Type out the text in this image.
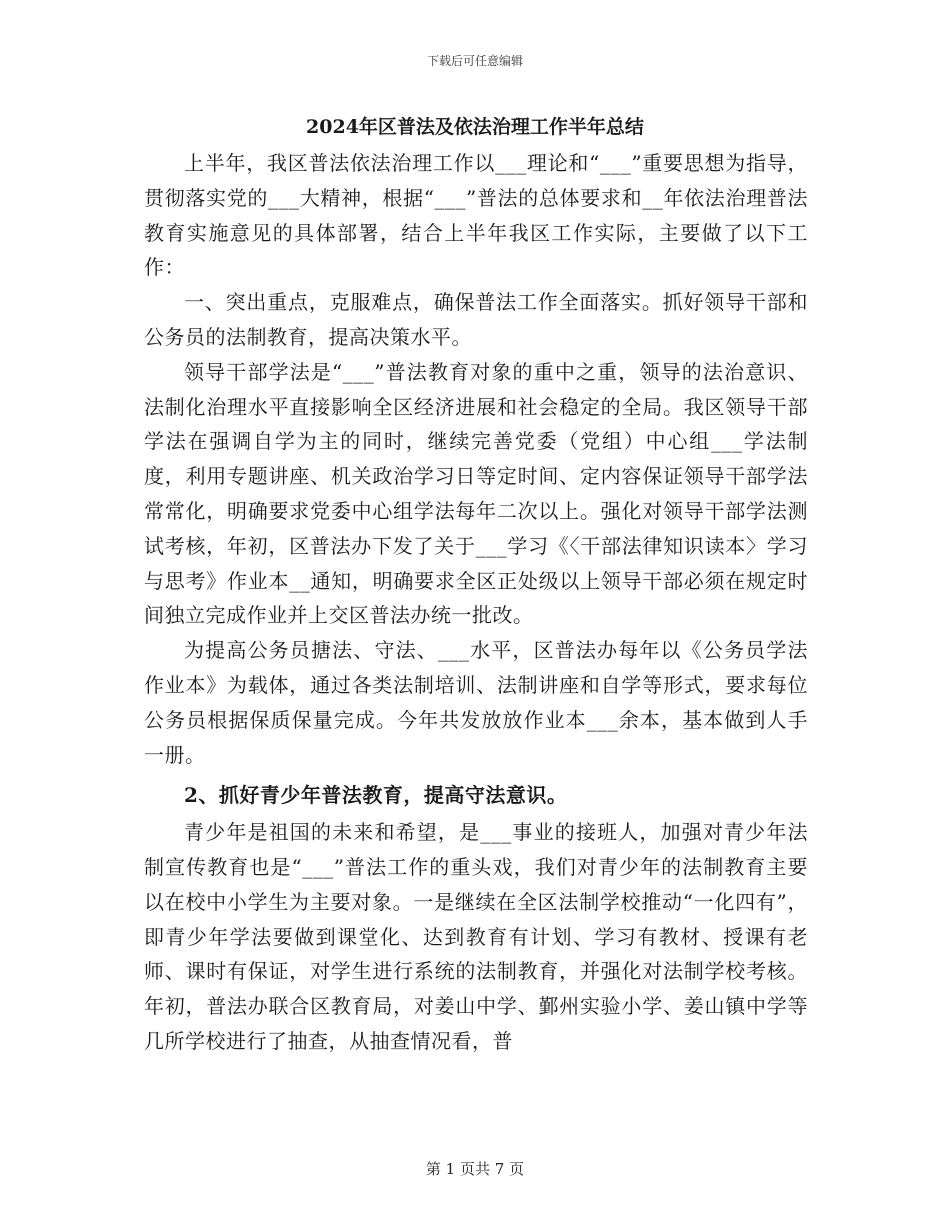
下载后可任意编辑
2024年区普法及依法治理工作半年总结

上半年，我区普法依法治理工作以___理论和“___”重要思想为指导，贯彻落实党的___大精神，根据“___”普法的总体要求和__年依法治理普法教育实施意见的具体部署，结合上半年我区工作实际，主要做了以下工作：

一、突出重点，克服难点，确保普法工作全面落实。抓好领导干部和公务员的法制教育，提高决策水平。

领导干部学法是“___”普法教育对象的重中之重，领导的法治意识、法制化治理水平直接影响全区经济进展和社会稳定的全局。我区领导干部学法在强调自学为主的同时，继续完善党委（党组）中心组___学法制度，利用专题讲座、机关政治学习日等定时间、定内容保证领导干部学法常常化，明确要求党委中心组学法每年二次以上。强化对领导干部学法测试考核，年初，区普法办下发了关于___学习《〈干部法律知识读本〉学习与思考》作业本__通知，明确要求全区正处级以上领导干部必须在规定时间独立完成作业并上交区普法办统一批改。

为提高公务员搪法、守法、___水平，区普法办每年以《公务员学法作业本》为载体，通过各类法制培训、法制讲座和自学等形式，要求每位公务员根据保质保量完成。今年共发放放作业本___余本，基本做到人手一册。

2、抓好青少年普法教育，提高守法意识。

青少年是祖国的未来和希望，是___事业的接班人，加强对青少年法制宣传教育也是“___”普法工作的重头戏，我们对青少年的法制教育主要以在校中小学生为主要对象。一是继续在全区法制学校推动“一化四有”，即青少年学法要做到课堂化、达到教育有计划、学习有教材、授课有老师、课时有保证，对学生进行系统的法制教育，并强化对法制学校考核。年初，普法办联合区教育局，对姜山中学、鄞州实验小学、姜山镇中学等几所学校进行了抽查，从抽查情况看，普

第 1 页共 7 页
